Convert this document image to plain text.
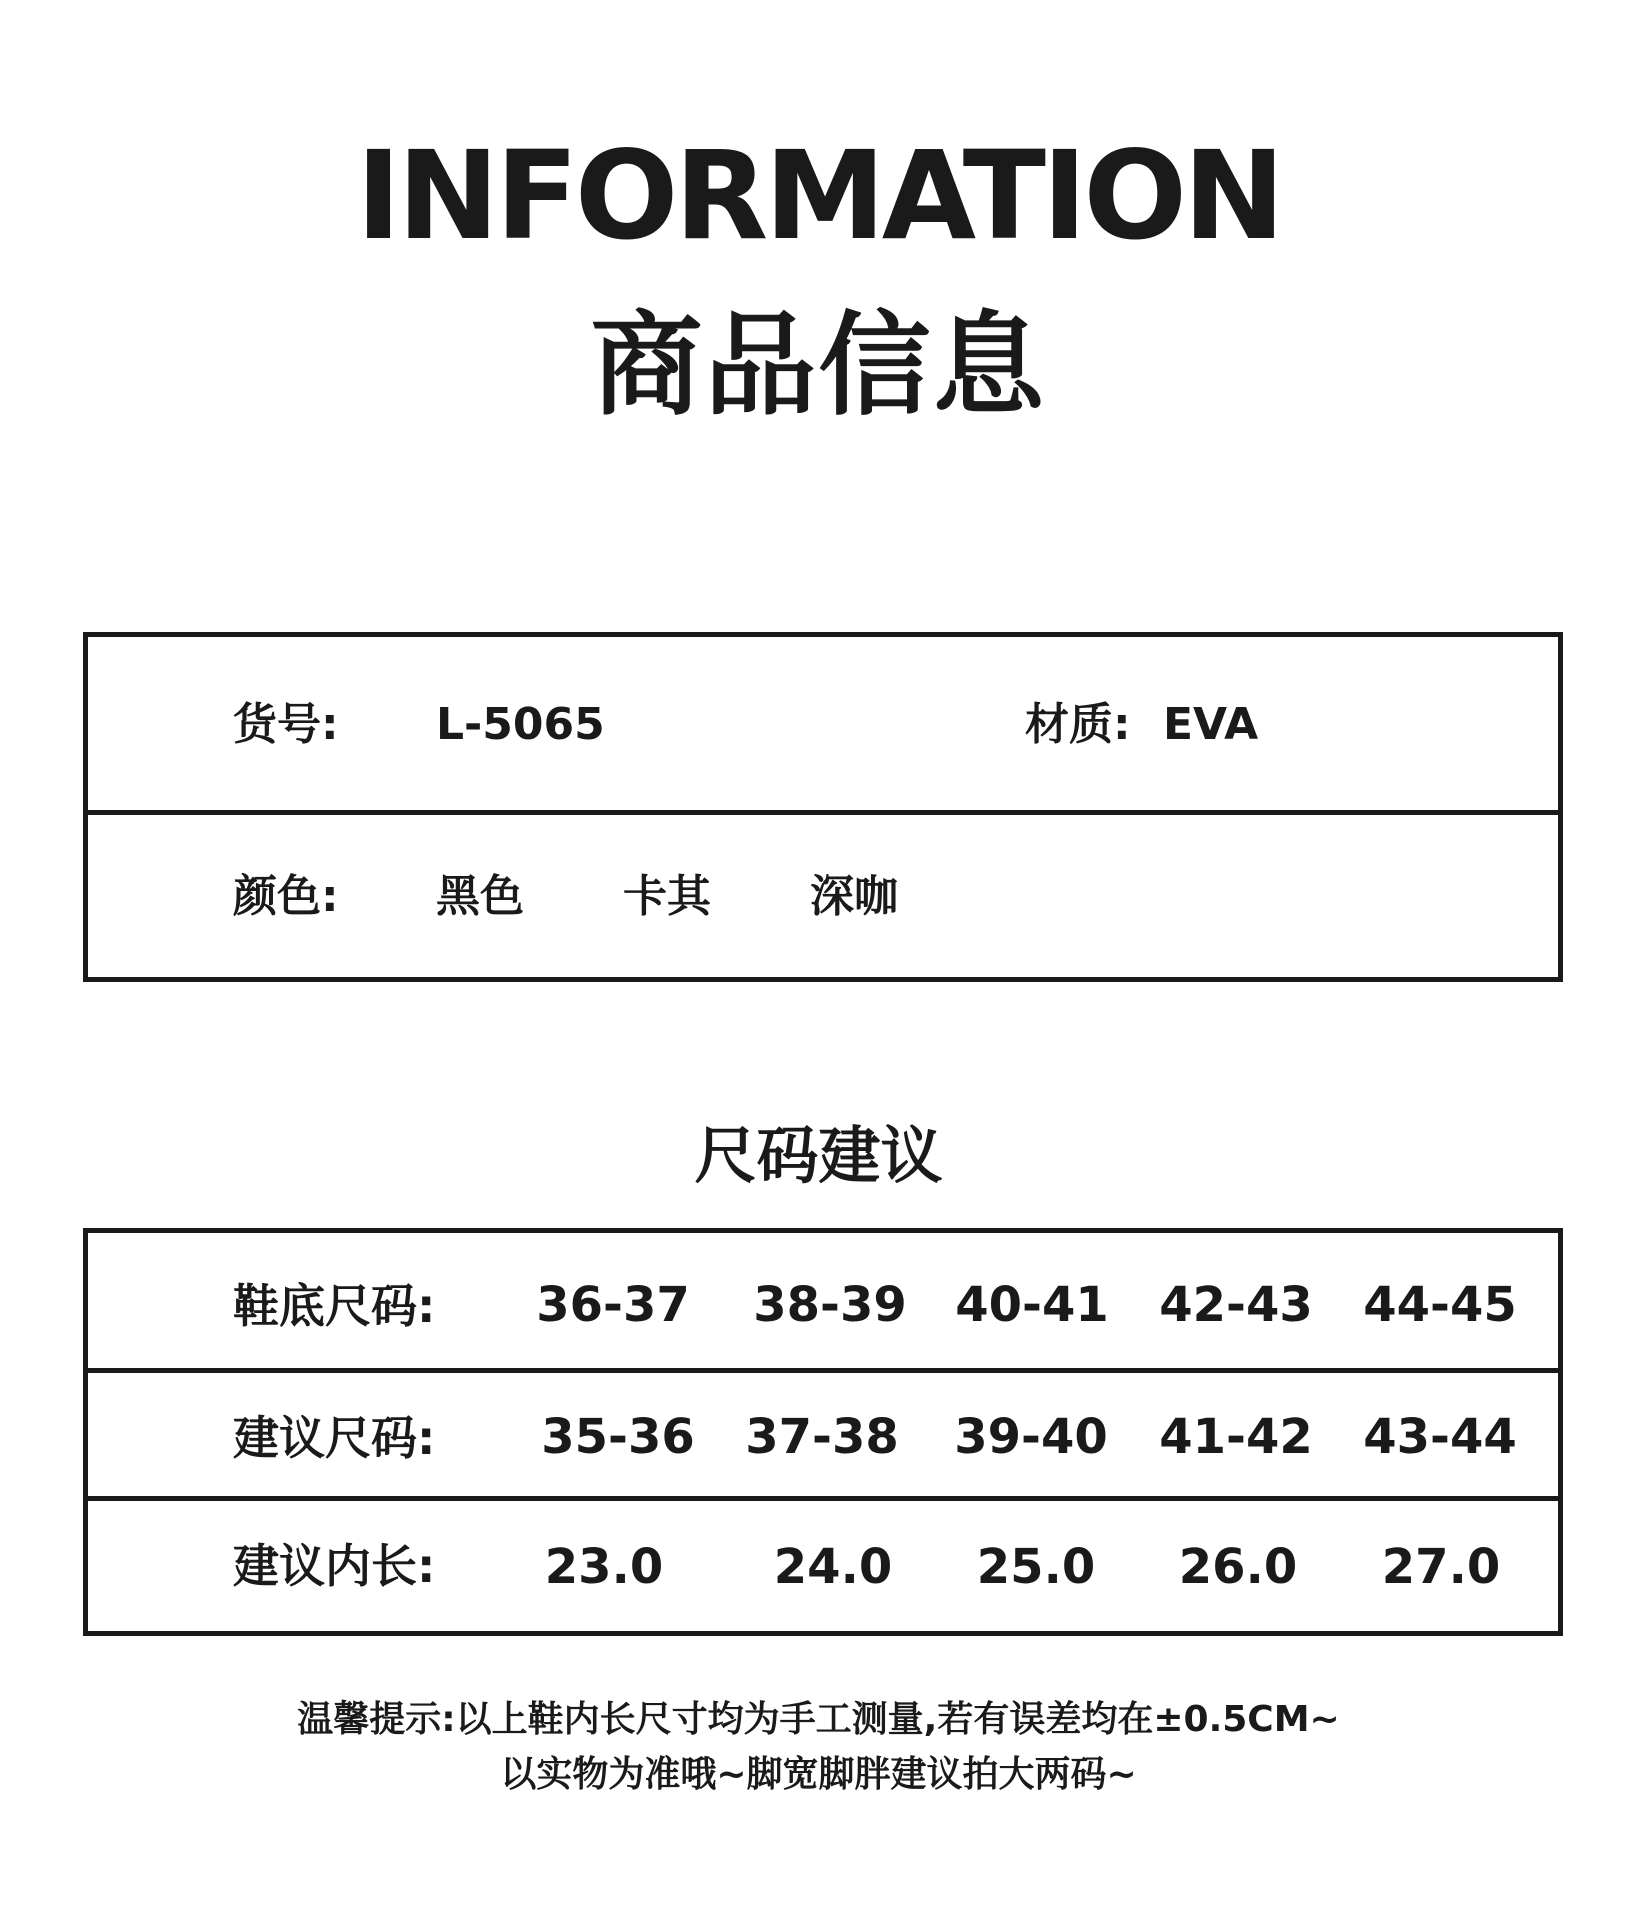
INFORMATION
商品信息
货号: L-5065	材质: EVA
颜色: 黑色 卡其 深咖
尺码建议
鞋底尺码:	36-37	38-39	40-41	42-43	44-45
建议尺码:	35-36	37-38	39-40	41-42	43-44
建议内长:	23.0	24.0	25.0	26.0	27.0
温馨提示:以上鞋内长尺寸均为手工测量,若有误差均在±0.5CM~
以实物为准哦~脚宽脚胖建议拍大两码~
